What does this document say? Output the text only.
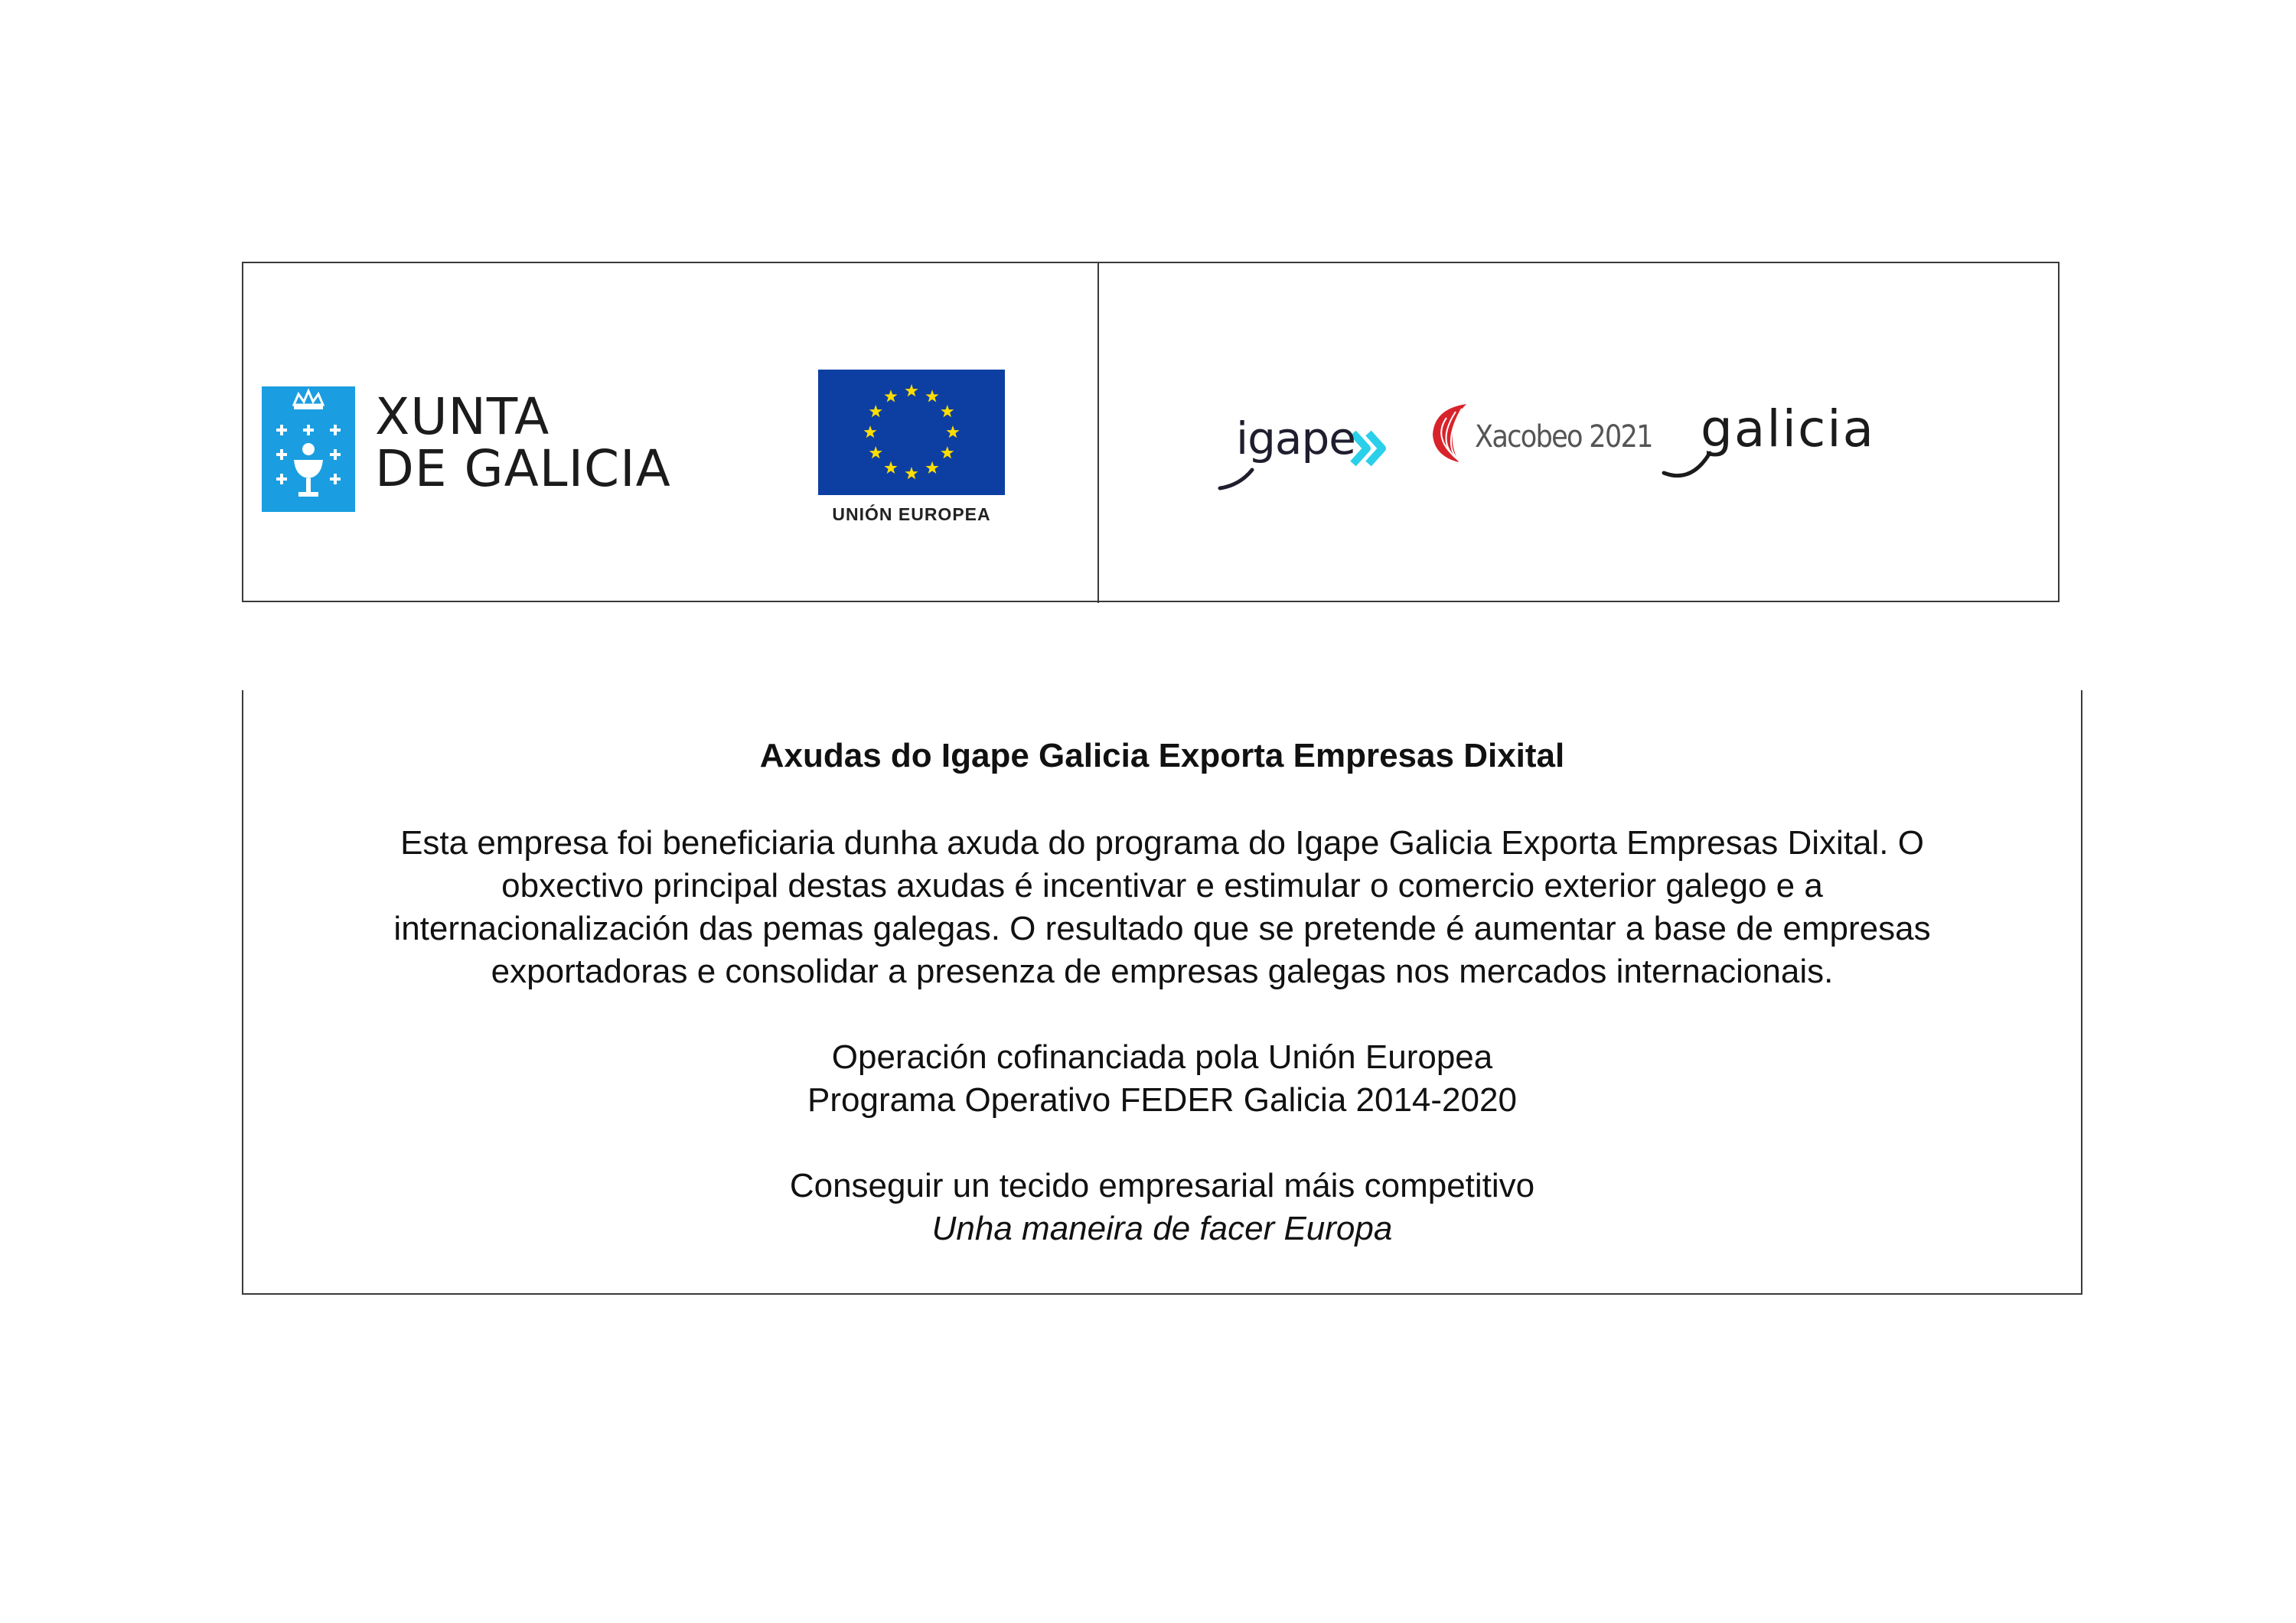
XUNTA
DE GALICIA
UNIÓN EUROPEA
igape	Xacobeo 2021 galicia
Axudas do Igape Galicia Exporta Empresas Dixital
Esta empresa foi beneficiaria dunha axuda do programa do Igape Galicia Exporta Empresas Dixital. O
obxectivo principal destas axudas é incentivar e estimular o comercio exterior galego e a
internacionalización das pemas galegas. O resultado que se pretende é aumentar a base de empresas
exportadoras e consolidar a presenza de empresas galegas nos mercados internacionais.
Operación cofinanciada pola Unión Europea
Programa Operativo FEDER Galicia 2014-2020
Conseguir un tecido empresarial máis competitivo
Unha maneira de facer Europa
